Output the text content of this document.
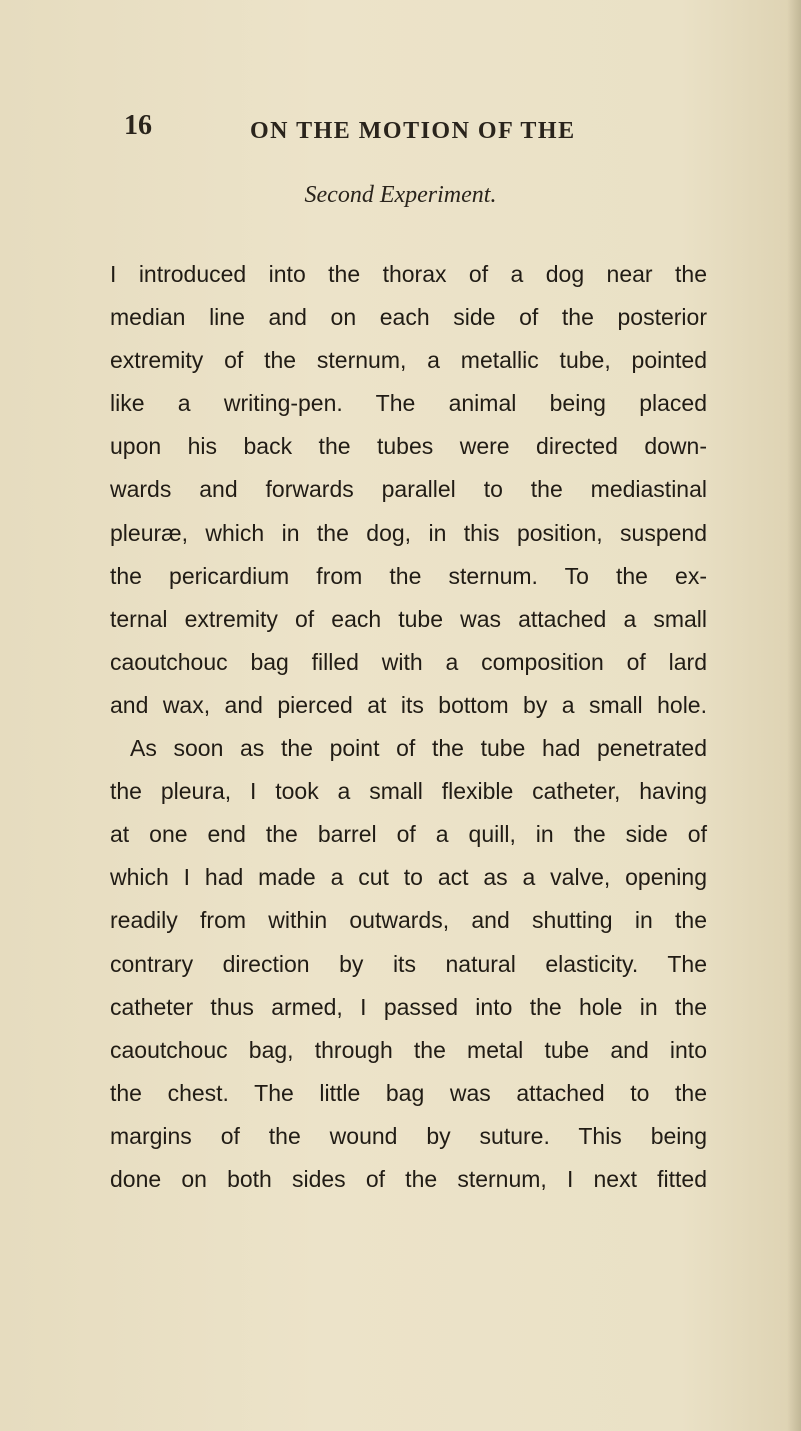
16	ON THE MOTION OF THE
Second Experiment.
I introduced into the thorax of a dog near the
median line and on each side of the posterior
extremity of the sternum, a metallic tube, pointed
like a writing-pen. The animal being placed
upon his back the tubes were directed down-
wards and forwards parallel to the mediastinal
pleuræ, which in the dog, in this position, suspend
the pericardium from the sternum. To the ex-
ternal extremity of each tube was attached a small
caoutchouc bag filled with a composition of lard
and wax, and pierced at its bottom by a small hole.
As soon as the point of the tube had penetrated
the pleura, I took a small flexible catheter, having
at one end the barrel of a quill, in the side of
which I had made a cut to act as a valve, opening
readily from within outwards, and shutting in the
contrary direction by its natural elasticity. The
catheter thus armed, I passed into the hole in the
caoutchouc bag, through the metal tube and into
the chest. The little bag was attached to the
margins of the wound by suture. This being
done on both sides of the sternum, I next fitted
